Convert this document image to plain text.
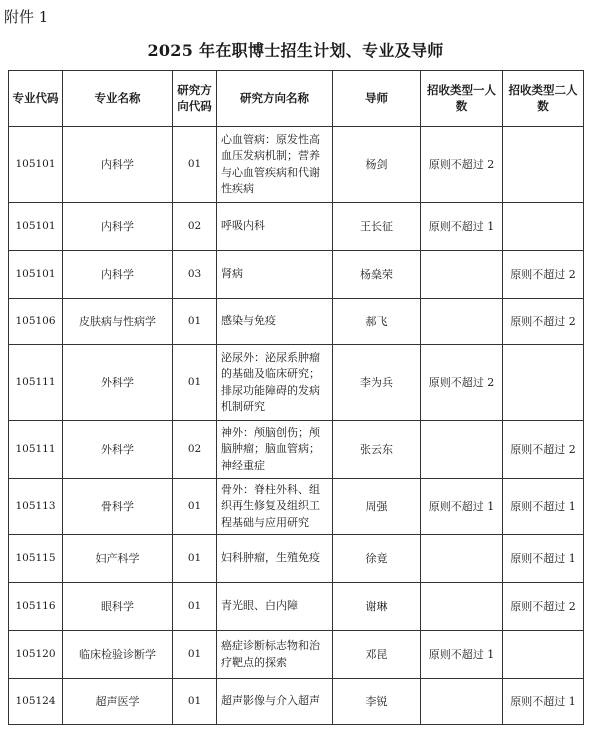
附件 1
2025 年在职博士招生计划、专业及导师
专业代码	专业名称	研究方向代码	研究方向名称	导师	招收类型一人数	招收类型二人数
105101	内科学	01	心血管病：原发性高血压发病机制；营养与心血管疾病和代谢性疾病	杨剑	原则不超过 2	
105101	内科学	02	呼吸内科	王长征	原则不超过 1	
105101	内科学	03	肾病	杨燊荣		原则不超过 2
105106	皮肤病与性病学	01	感染与免疫	郝飞		原则不超过 2
105111	外科学	01	泌尿外：泌尿系肿瘤的基础及临床研究；排尿功能障碍的发病机制研究	李为兵	原则不超过 2	
105111	外科学	02	神外：颅脑创伤；颅脑肿瘤；脑血管病；神经重症	张云东		原则不超过 2
105113	骨科学	01	骨外：脊柱外科、组织再生修复及组织工程基础与应用研究	周强	原则不超过 1	原则不超过 1
105115	妇产科学	01	妇科肿瘤，生殖免疫	徐竟		原则不超过 1
105116	眼科学	01	青光眼、白内障	谢琳		原则不超过 2
105120	临床检验诊断学	01	癌症诊断标志物和治疗靶点的探索	邓昆	原则不超过 1	
105124	超声医学	01	超声影像与介入超声	李锐		原则不超过 1
